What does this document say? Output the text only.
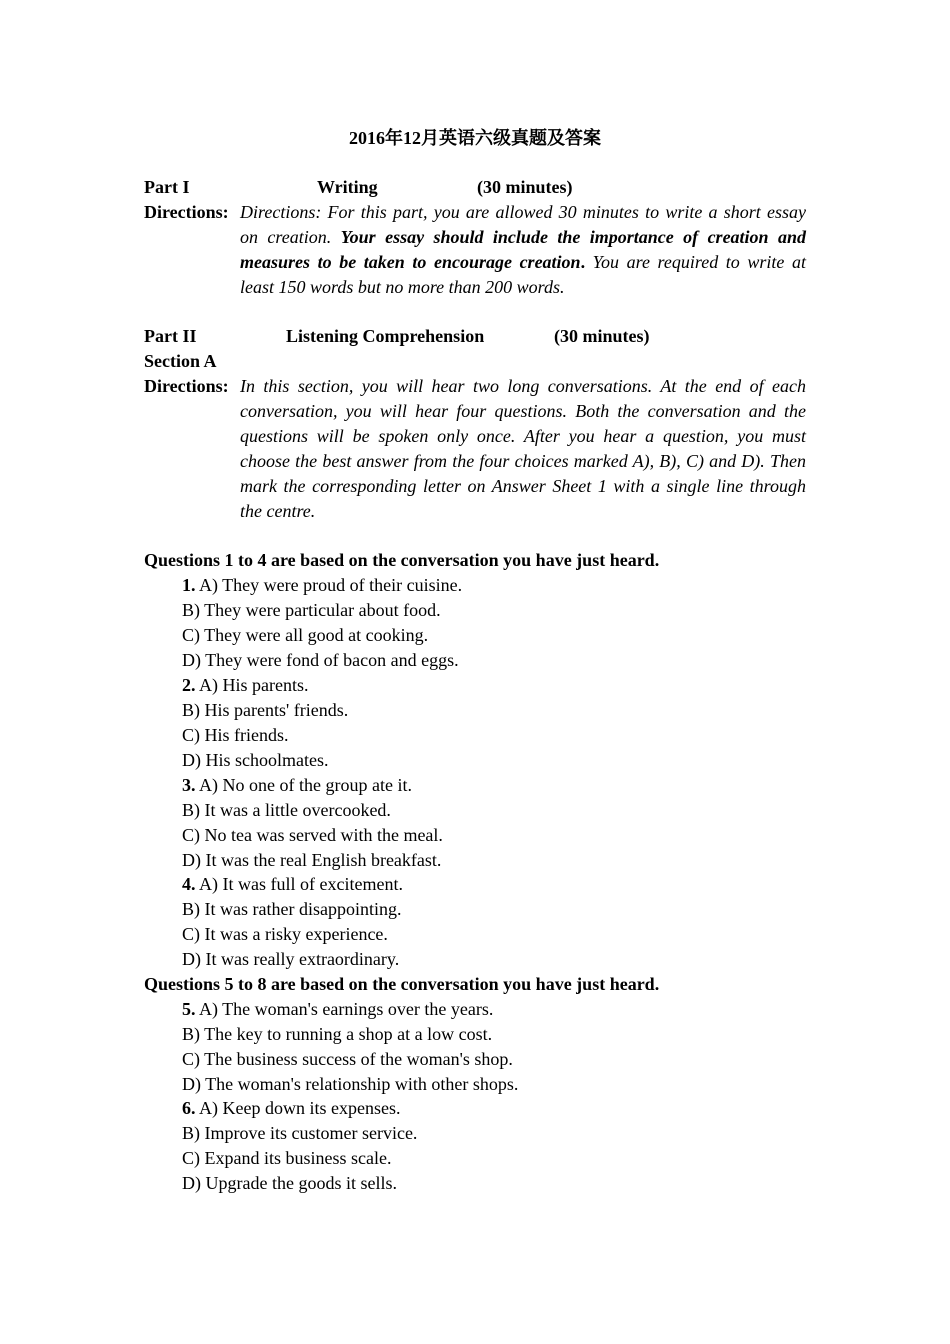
2016年12月英语六级真题及答案
Part I	Writing	(30 minutes)
Directions: Directions: For this part, you are allowed 30 minutes to write a short essay on creation. Your essay should include the importance of creation and measures to be taken to encourage creation. You are required to write at least 150 words but no more than 200 words.
Part II	Listening Comprehension	(30 minutes)
Section A
Directions: In this section, you will hear two long conversations. At the end of each conversation, you will hear four questions. Both the conversation and the questions will be spoken only once. After you hear a question, you must choose the best answer from the four choices marked A), B), C) and D). Then mark the corresponding letter on Answer Sheet 1 with a single line through the centre.
Questions 1 to 4 are based on the conversation you have just heard.
1. A) They were proud of their cuisine.
B) They were particular about food.
C) They were all good at cooking.
D) They were fond of bacon and eggs.
2. A) His parents.
B) His parents' friends.
C) His friends.
D) His schoolmates.
3. A) No one of the group ate it.
B) It was a little overcooked.
C) No tea was served with the meal.
D) It was the real English breakfast.
4. A) It was full of excitement.
B) It was rather disappointing.
C) It was a risky experience.
D) It was really extraordinary.
Questions 5 to 8 are based on the conversation you have just heard.
5. A) The woman's earnings over the years.
B) The key to running a shop at a low cost.
C) The business success of the woman's shop.
D) The woman's relationship with other shops.
6. A) Keep down its expenses.
B) Improve its customer service.
C) Expand its business scale.
D) Upgrade the goods it sells.
